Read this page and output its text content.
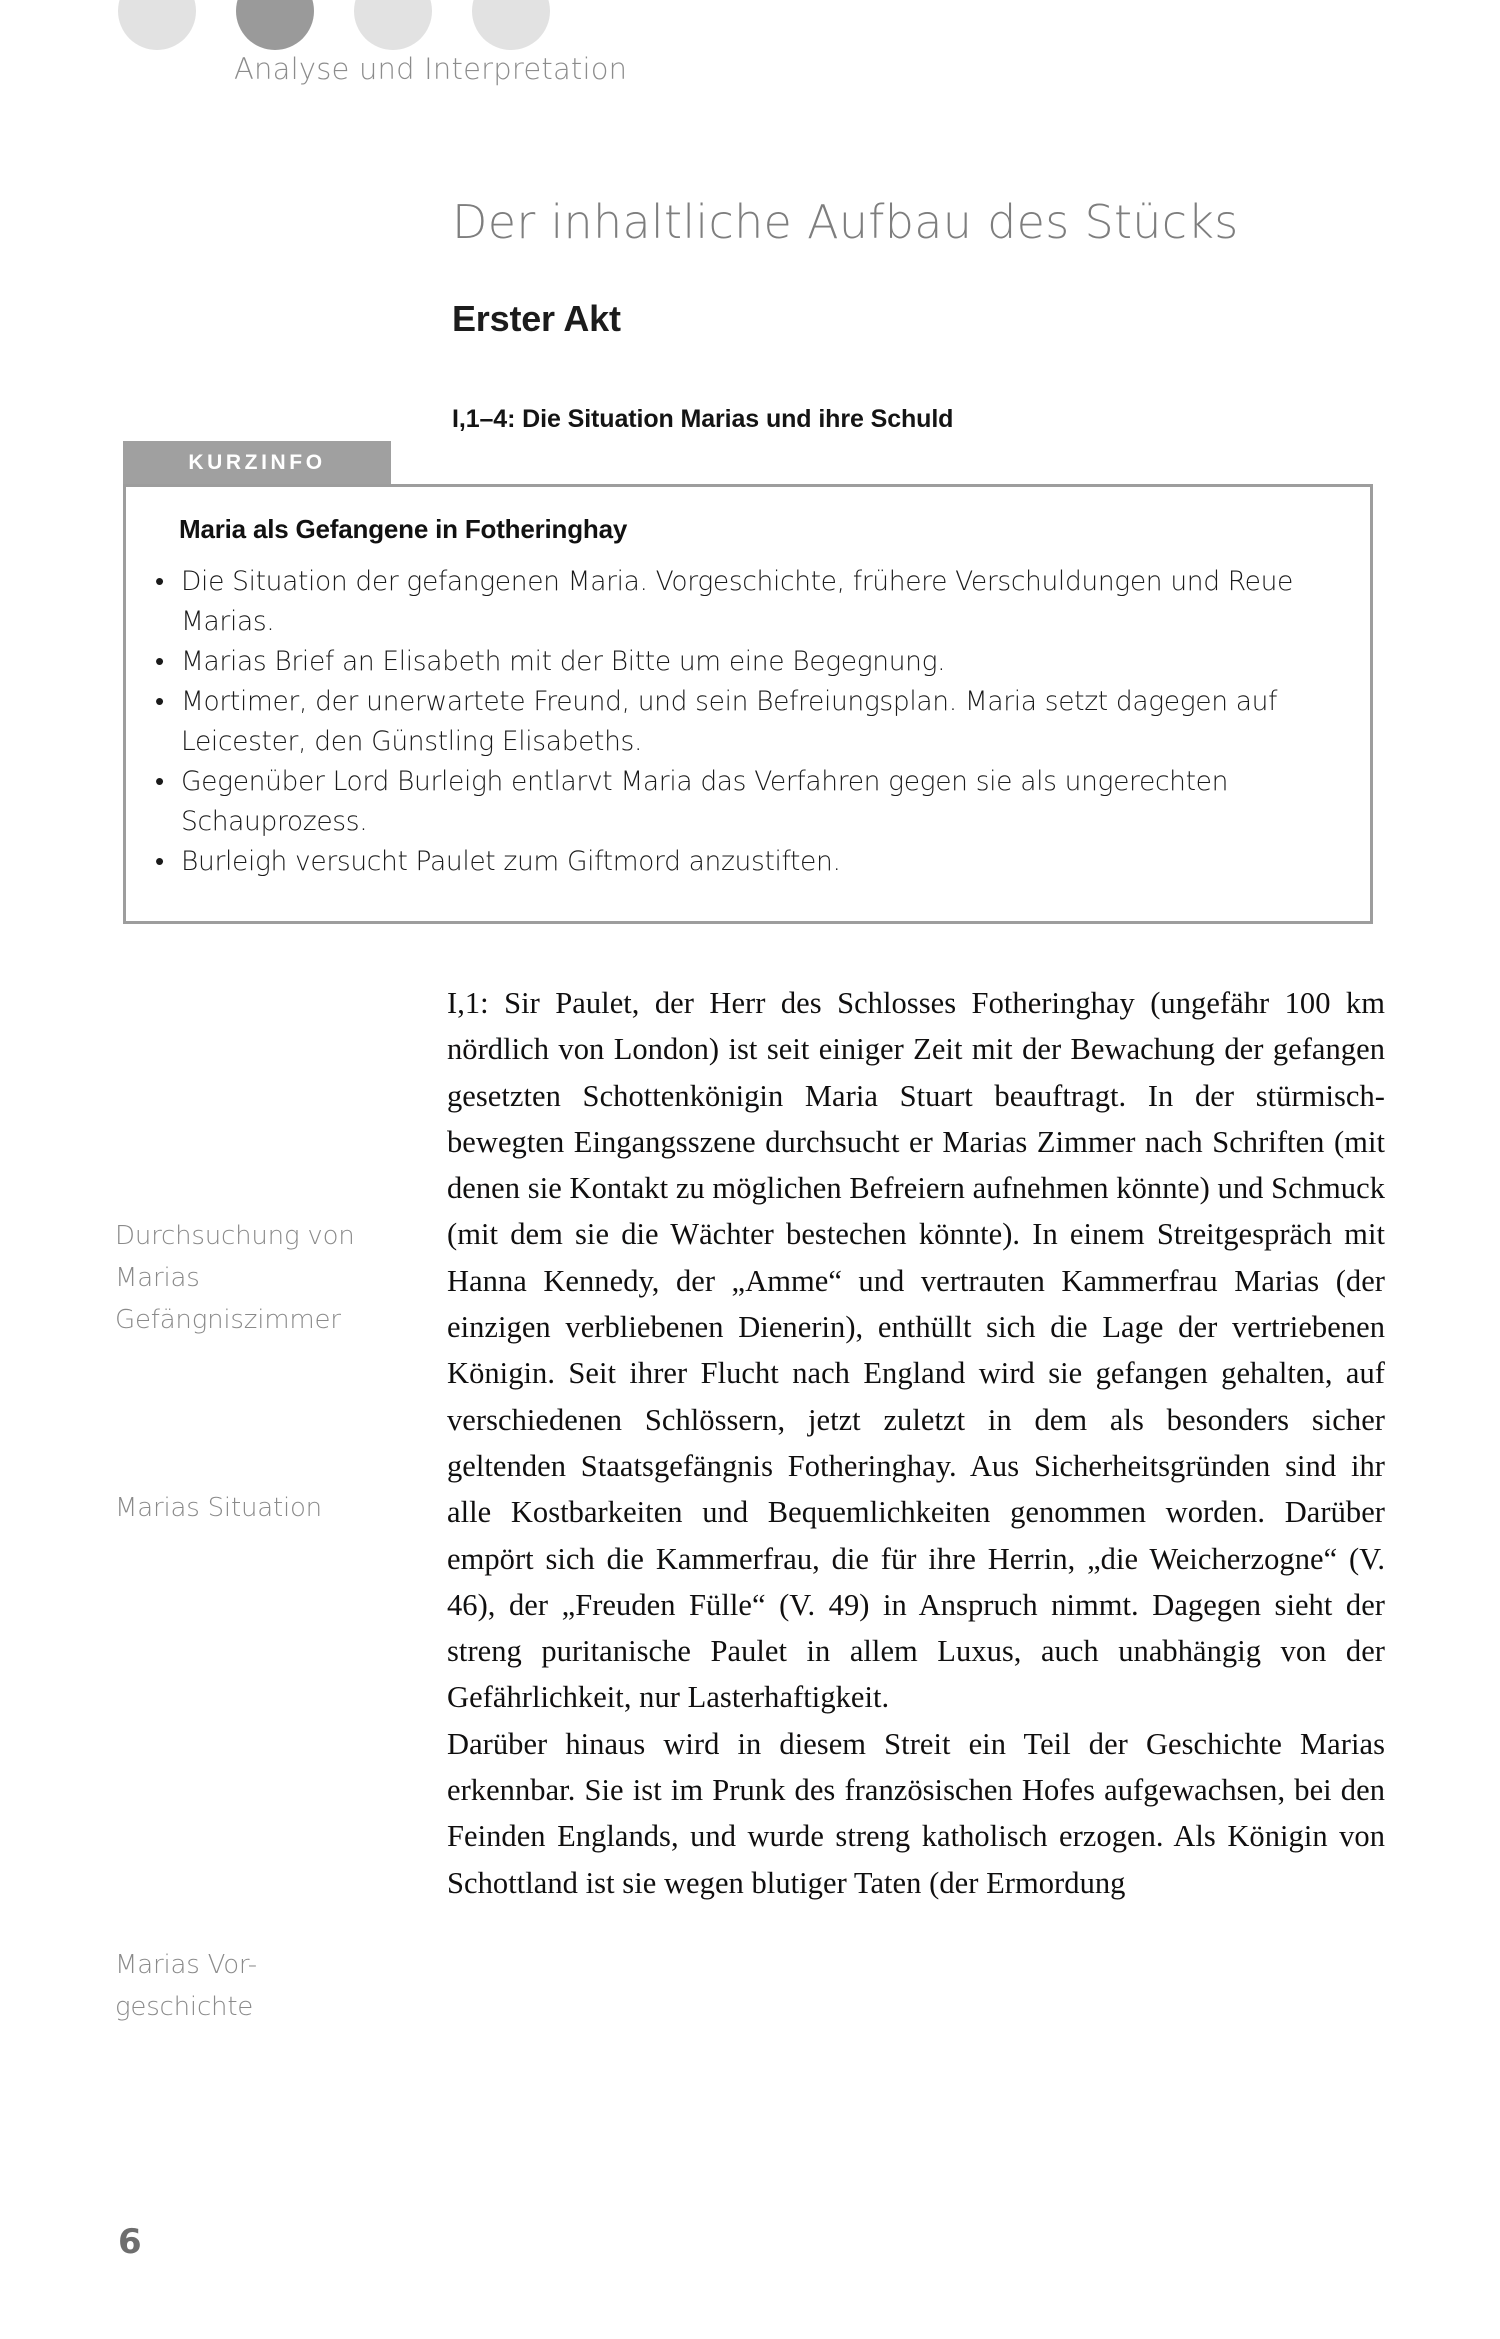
Analyse und Interpretation
Der inhaltliche Aufbau des Stücks
Erster Akt
I,1–4: Die Situation Marias und ihre Schuld
KURZINFO
Maria als Gefangene in Fotheringhay
• Die Situation der gefangenen Maria. Vorgeschichte, frühere Verschuldungen und Reue Marias.
• Marias Brief an Elisabeth mit der Bitte um eine Begegnung.
• Mortimer, der unerwartete Freund, und sein Befreiungsplan. Maria setzt dagegen auf Leicester, den Günstling Elisabeths.
• Gegenüber Lord Burleigh entlarvt Maria das Verfahren gegen sie als ungerechten Schauprozess.
• Burleigh versucht Paulet zum Giftmord anzustiften.
Durchsuchung von Marias Gefängniszimmer
Marias Situation
Marias Vor-geschichte

I,1: Sir Paulet, der Herr des Schlosses Fotheringhay (ungefähr 100 km nördlich von London) ist seit einiger Zeit mit der Bewachung der gefangen gesetzten Schottenkönigin Maria Stuart beauftragt. In der stürmisch-bewegten Eingangsszene durchsucht er Marias Zimmer nach Schriften (mit denen sie Kontakt zu möglichen Befreiern aufnehmen könnte) und Schmuck (mit dem sie die Wächter bestechen könnte). In einem Streitgespräch mit Hanna Kennedy, der „Amme“ und vertrauten Kammerfrau Marias (der einzigen verbliebenen Dienerin), enthüllt sich die Lage der vertriebenen Königin. Seit ihrer Flucht nach England wird sie gefangen gehalten, auf verschiedenen Schlössern, jetzt zuletzt in dem als besonders sicher geltenden Staatsgefängnis Fotheringhay. Aus Sicherheitsgründen sind ihr alle Kostbarkeiten und Bequemlichkeiten genommen worden. Darüber empört sich die Kammerfrau, die für ihre Herrin, „die Weicherzogne“ (V. 46), der „Freuden Fülle“ (V. 49) in Anspruch nimmt. Dagegen sieht der streng puritanische Paulet in allem Luxus, auch unabhängig von der Gefährlichkeit, nur Lasterhaftigkeit.

Darüber hinaus wird in diesem Streit ein Teil der Geschichte Marias erkennbar. Sie ist im Prunk des französischen Hofes aufgewachsen, bei den Feinden Englands, und wurde streng katholisch erzogen. Als Königin von Schottland ist sie wegen blutiger Taten (der Ermordung

6
